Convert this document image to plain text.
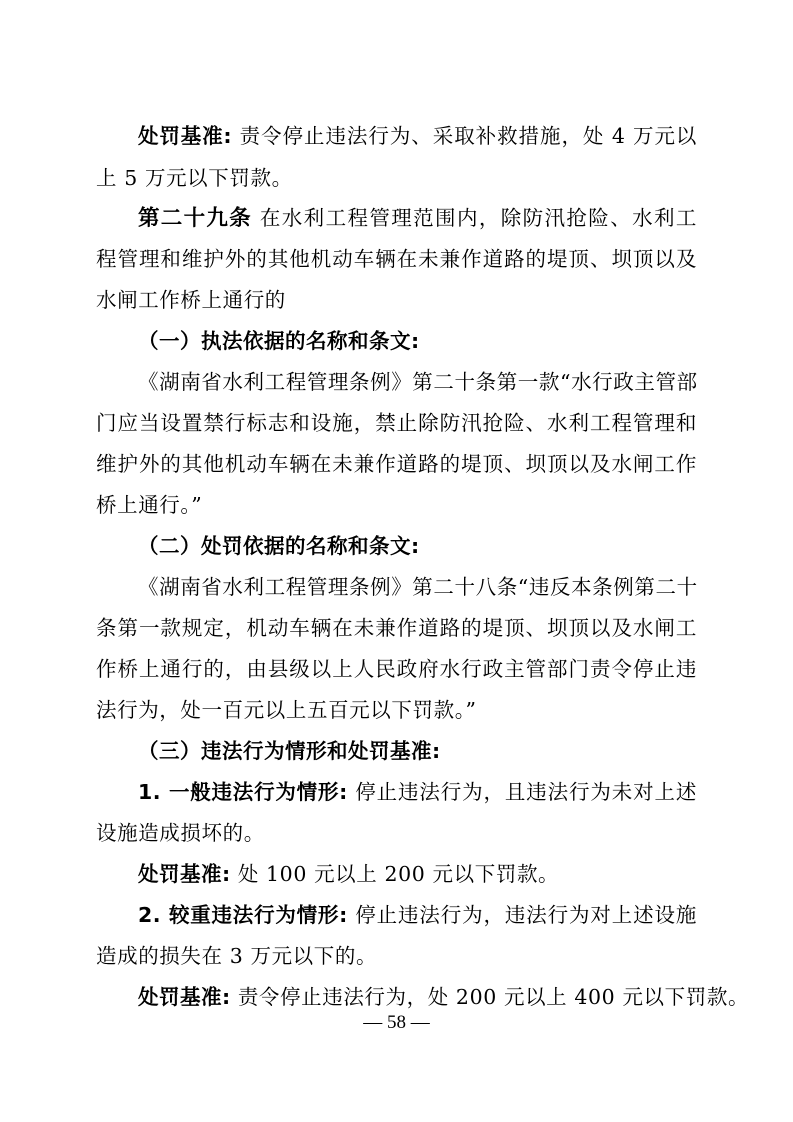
处罚基准: 责令停止违法行为、采取补救措施，处 4 万元以
上 5 万元以下罚款。
第二十九条 在水利工程管理范围内，除防汛抢险、水利工
程管理和维护外的其他机动车辆在未兼作道路的堤顶、坝顶以及
水闸工作桥上通行的
（一）执法依据的名称和条文:
《湖南省水利工程管理条例》第二十条第一款“水行政主管部
门应当设置禁行标志和设施，禁止除防汛抢险、水利工程管理和
维护外的其他机动车辆在未兼作道路的堤顶、坝顶以及水闸工作
桥上通行。”
（二）处罚依据的名称和条文:
《湖南省水利工程管理条例》第二十八条“违反本条例第二十
条第一款规定，机动车辆在未兼作道路的堤顶、坝顶以及水闸工
作桥上通行的，由县级以上人民政府水行政主管部门责令停止违
法行为，处一百元以上五百元以下罚款。”
（三）违法行为情形和处罚基准:
1. 一般违法行为情形: 停止违法行为，且违法行为未对上述
设施造成损坏的。
处罚基准: 处 100 元以上 200 元以下罚款。
2. 较重违法行为情形: 停止违法行为，违法行为对上述设施
造成的损失在 3 万元以下的。
处罚基准: 责令停止违法行为，处 200 元以上 400 元以下罚款。
— 58 —
